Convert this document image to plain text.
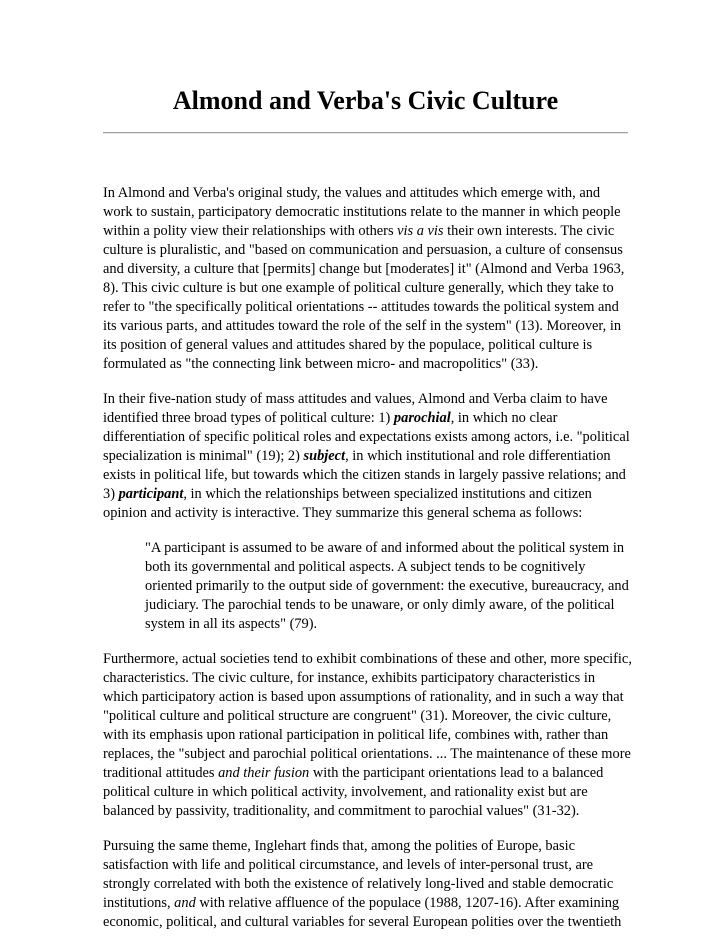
Almond and Verba's Civic Culture

In Almond and Verba's original study, the values and attitudes which emerge with, and
work to sustain, participatory democratic institutions relate to the manner in which people
within a polity view their relationships with others vis a vis their own interests. The civic
culture is pluralistic, and "based on communication and persuasion, a culture of consensus
and diversity, a culture that [permits] change but [moderates] it" (Almond and Verba 1963,
8). This civic culture is but one example of political culture generally, which they take to
refer to "the specifically political orientations -- attitudes towards the political system and
its various parts, and attitudes toward the role of the self in the system" (13). Moreover, in
its position of general values and attitudes shared by the populace, political culture is
formulated as "the connecting link between micro- and macropolitics" (33).

In their five-nation study of mass attitudes and values, Almond and Verba claim to have
identified three broad types of political culture: 1) parochial, in which no clear
differentiation of specific political roles and expectations exists among actors, i.e. "political
specialization is minimal" (19); 2) subject, in which institutional and role differentiation
exists in political life, but towards which the citizen stands in largely passive relations; and
3) participant, in which the relationships between specialized institutions and citizen
opinion and activity is interactive. They summarize this general schema as follows:

"A participant is assumed to be aware of and informed about the political system in
both its governmental and political aspects. A subject tends to be cognitively
oriented primarily to the output side of government: the executive, bureaucracy, and
judiciary. The parochial tends to be unaware, or only dimly aware, of the political
system in all its aspects" (79).

Furthermore, actual societies tend to exhibit combinations of these and other, more specific,
characteristics. The civic culture, for instance, exhibits participatory characteristics in
which participatory action is based upon assumptions of rationality, and in such a way that
"political culture and political structure are congruent" (31). Moreover, the civic culture,
with its emphasis upon rational participation in political life, combines with, rather than
replaces, the "subject and parochial political orientations. ... The maintenance of these more
traditional attitudes and their fusion with the participant orientations lead to a balanced
political culture in which political activity, involvement, and rationality exist but are
balanced by passivity, traditionality, and commitment to parochial values" (31-32).

Pursuing the same theme, Inglehart finds that, among the polities of Europe, basic
satisfaction with life and political circumstance, and levels of inter-personal trust, are
strongly correlated with both the existence of relatively long-lived and stable democratic
institutions, and with relative affluence of the populace (1988, 1207-16). After examining
economic, political, and cultural variables for several European polities over the twentieth
